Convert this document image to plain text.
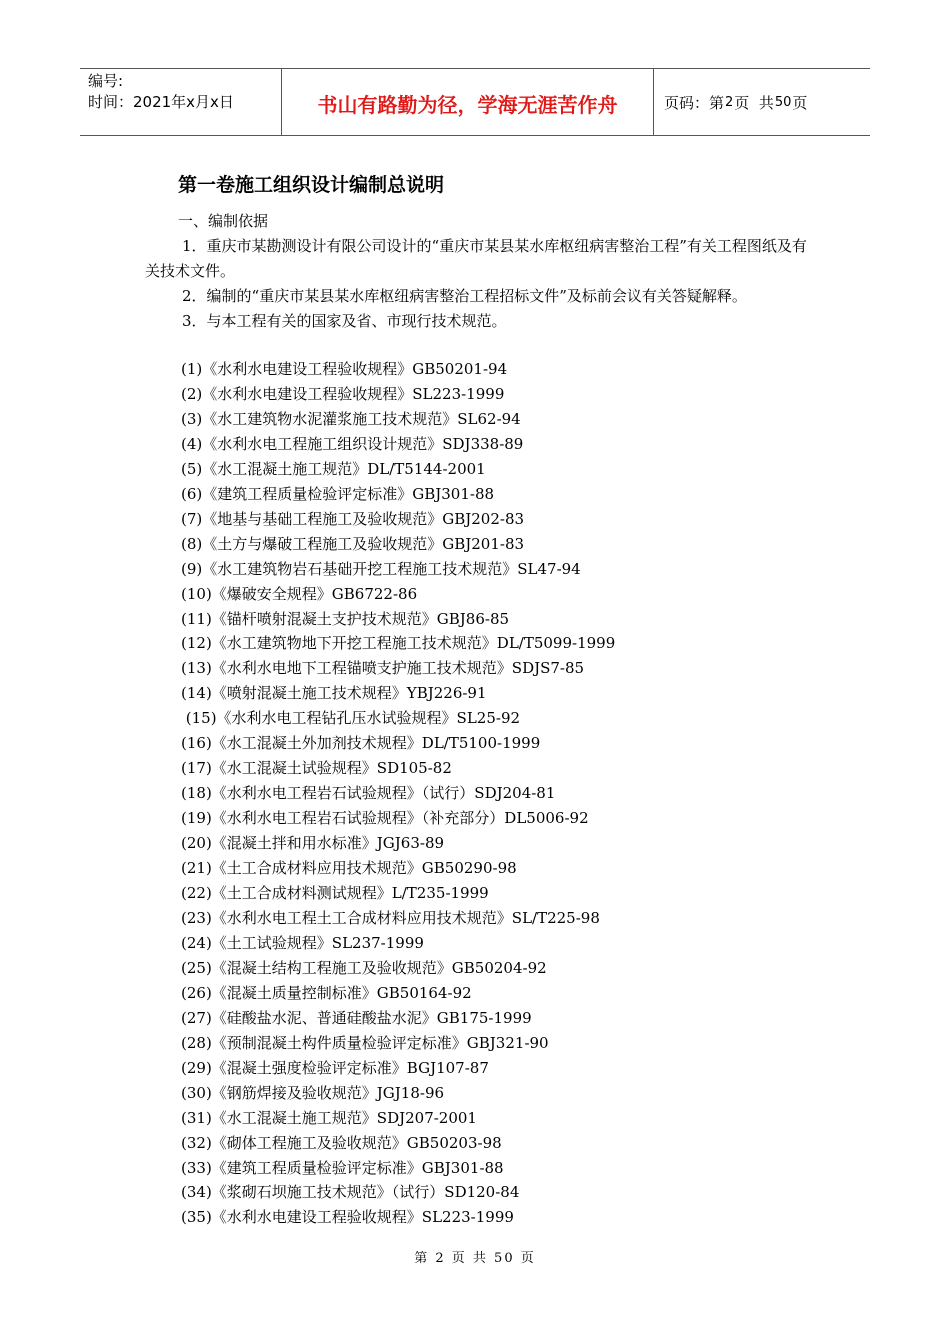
编号:
时间：2021年x月x日	书山有路勤为径，学海无涯苦作舟	页码：第 2 页  共 50 页
第一卷施工组织设计编制总说明

一、编制依据

1．重庆市某勘测设计有限公司设计的“重庆市某县某水库枢纽病害整治工程”有关工程图纸及有关技术文件。

2．编制的“重庆市某县某水库枢纽病害整治工程招标文件”及标前会议有关答疑解释。

3．与本工程有关的国家及省、市现行技术规范。

(1)《水利水电建设工程验收规程》GB50201-94
(2)《水利水电建设工程验收规程》SL223-1999
(3)《水工建筑物水泥灌浆施工技术规范》SL62-94
(4)《水利水电工程施工组织设计规范》SDJ338-89
(5)《水工混凝土施工规范》DL/T5144-2001
(6)《建筑工程质量检验评定标准》GBJ301-88
(7)《地基与基础工程施工及验收规范》GBJ202-83
(8)《土方与爆破工程施工及验收规范》GBJ201-83
(9)《水工建筑物岩石基础开挖工程施工技术规范》SL47-94
(10)《爆破安全规程》GB6722-86
(11)《锚杆喷射混凝土支护技术规范》GBJ86-85
(12)《水工建筑物地下开挖工程施工技术规范》DL/T5099-1999
(13)《水利水电地下工程锚喷支护施工技术规范》SDJS7-85
(14)《喷射混凝土施工技术规程》YBJ226-91
(15)《水利水电工程钻孔压水试验规程》SL25-92
(16)《水工混凝土外加剂技术规程》DL/T5100-1999
(17)《水工混凝土试验规程》SD105-82
(18)《水利水电工程岩石试验规程》（试行）SDJ204-81
(19)《水利水电工程岩石试验规程》（补充部分）DL5006-92
(20)《混凝土拌和用水标准》JGJ63-89
(21)《土工合成材料应用技术规范》GB50290-98
(22)《土工合成材料测试规程》L/T235-1999
(23)《水利水电工程土工合成材料应用技术规范》SL/T225-98
(24)《土工试验规程》SL237-1999
(25)《混凝土结构工程施工及验收规范》GB50204-92
(26)《混凝土质量控制标准》GB50164-92
(27)《硅酸盐水泥、普通硅酸盐水泥》GB175-1999
(28)《预制混凝土构件质量检验评定标准》GBJ321-90
(29)《混凝土强度检验评定标准》BGJ107-87
(30)《钢筋焊接及验收规范》JGJ18-96
(31)《水工混凝土施工规范》SDJ207-2001
(32)《砌体工程施工及验收规范》GB50203-98
(33)《建筑工程质量检验评定标准》GBJ301-88
(34)《浆砌石坝施工技术规范》（试行）SD120-84
(35)《水利水电建设工程验收规程》SL223-1999
第 2 页 共 50 页
